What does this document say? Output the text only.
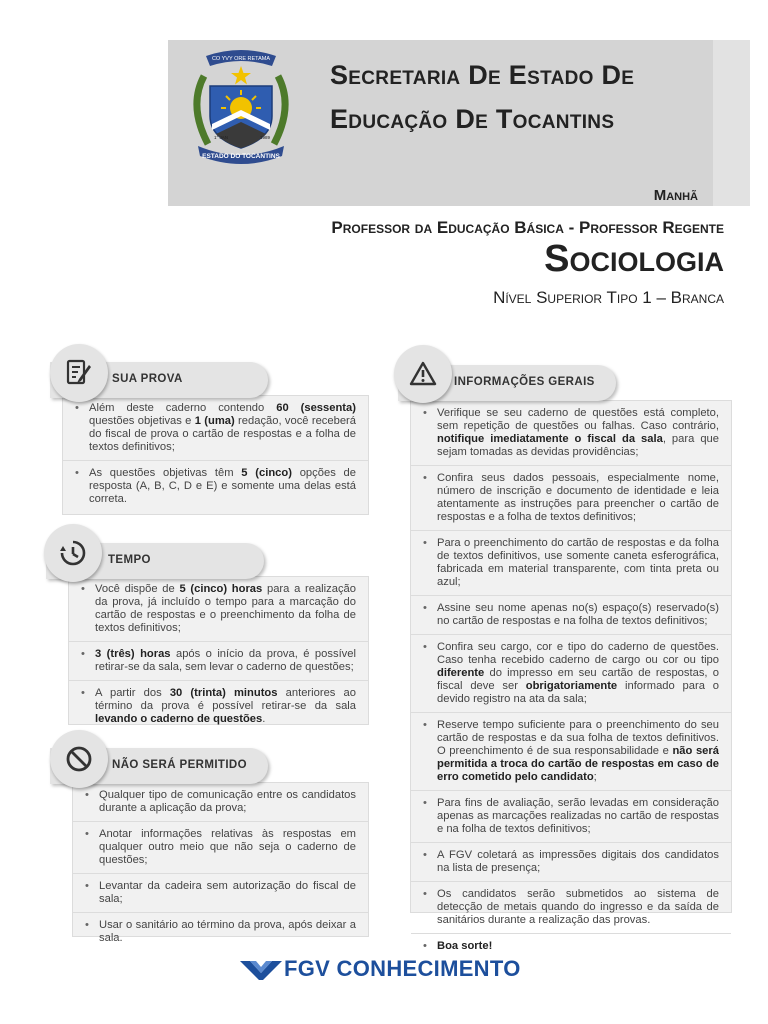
CO YVY ORE RETAMA
1° JAN	1989
ESTADO DO TOCANTINS
Secretaria De Estado De
Educação De Tocantins
Manhã
Professor da Educação Básica - Professor Regente
Sociologia
Nível Superior Tipo 1 – Branca
• Além deste caderno contendo 60 (sessenta) questões objetivas e 1 (uma) redação, você receberá do fiscal de prova o cartão de respostas e a folha de textos definitivos;
• As questões objetivas têm 5 (cinco) opções de resposta (A, B, C, D e E) e somente uma delas está correta.
SUA PROVA
• Você dispõe de 5 (cinco) horas para a realização da prova, já incluído o tempo para a marcação do cartão de respostas e o preenchimento da folha de textos definitivos;
• 3 (três) horas após o início da prova, é possível retirar-se da sala, sem levar o caderno de questões;
• A partir dos 30 (trinta) minutos anteriores ao término da prova é possível retirar-se da sala levando o caderno de questões.
TEMPO
• Qualquer tipo de comunicação entre os candidatos durante a aplicação da prova;
• Anotar informações relativas às respostas em qualquer outro meio que não seja o caderno de questões;
• Levantar da cadeira sem autorização do fiscal de sala;
• Usar o sanitário ao término da prova, após deixar a sala.
NÃO SERÁ PERMITIDO
• Verifique se seu caderno de questões está completo, sem repetição de questões ou falhas. Caso contrário, notifique imediatamente o fiscal da sala, para que sejam tomadas as devidas providências;
• Confira seus dados pessoais, especialmente nome, número de inscrição e documento de identidade e leia atentamente as instruções para preencher o cartão de respostas e a folha de textos definitivos;
• Para o preenchimento do cartão de respostas e da folha de textos definitivos, use somente caneta esferográfica, fabricada em material transparente, com tinta preta ou azul;
• Assine seu nome apenas no(s) espaço(s) reservado(s) no cartão de respostas e na folha de textos definitivos;
• Confira seu cargo, cor e tipo do caderno de questões. Caso tenha recebido caderno de cargo ou cor ou tipo diferente do impresso em seu cartão de respostas, o fiscal deve ser obrigatoriamente informado para o devido registro na ata da sala;
• Reserve tempo suficiente para o preenchimento do seu cartão de respostas e da sua folha de textos definitivos. O preenchimento é de sua responsabilidade e não será permitida a troca do cartão de respostas em caso de erro cometido pelo candidato;
• Para fins de avaliação, serão levadas em consideração apenas as marcações realizadas no cartão de respostas e na folha de textos definitivos;
• A FGV coletará as impressões digitais dos candidatos na lista de presença;
• Os candidatos serão submetidos ao sistema de detecção de metais quando do ingresso e da saída de sanitários durante a realização das provas.
• Boa sorte!
INFORMAÇÕES GERAIS
FGV CONHECIMENTO
